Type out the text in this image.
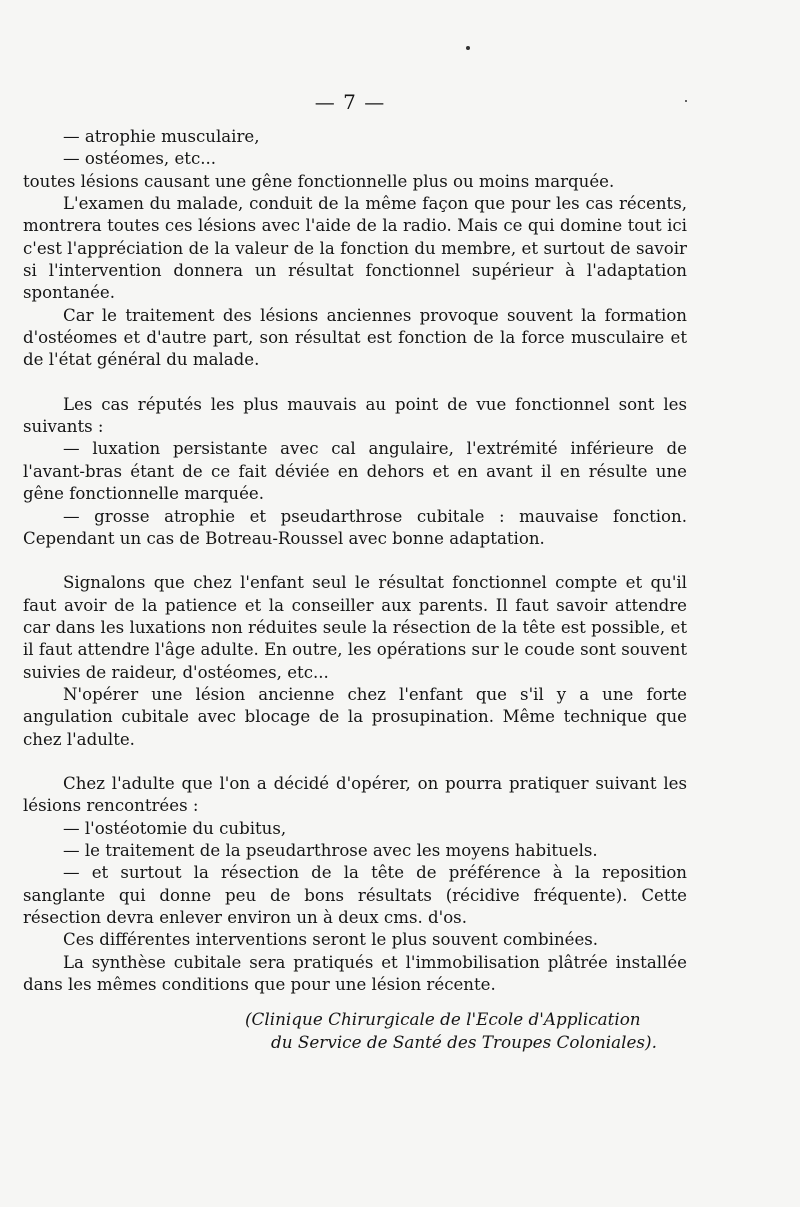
— 7 —

— atrophie musculaire,

— ostéomes, etc...

toutes lésions causant une gêne fonctionnelle plus ou moins marquée.

L'examen du malade, conduit de la même façon que pour les cas récents, montrera toutes ces lésions avec l'aide de la radio. Mais ce qui domine tout ici c'est l'appréciation de la valeur de la fonction du membre, et surtout de savoir si l'intervention donnera un résultat fonctionnel supérieur à l'adaptation spontanée.

Car le traitement des lésions anciennes provoque souvent la formation d'ostéomes et d'autre part, son résultat est fonction de la force musculaire et de l'état général du malade.

Les cas réputés les plus mauvais au point de vue fonctionnel sont les suivants :

— luxation persistante avec cal angulaire, l'extrémité inférieure de l'avant-bras étant de ce fait déviée en dehors et en avant il en résulte une gêne fonctionnelle marquée.

— grosse atrophie et pseudarthrose cubitale : mauvaise fonction. Cependant un cas de Botreau-Roussel avec bonne adaptation.

Signalons que chez l'enfant seul le résultat fonctionnel compte et qu'il faut avoir de la patience et la conseiller aux parents. Il faut savoir attendre car dans les luxations non réduites seule la résection de la tête est possible, et il faut attendre l'âge adulte. En outre, les opérations sur le coude sont souvent suivies de raideur, d'ostéomes, etc...

N'opérer une lésion ancienne chez l'enfant que s'il y a une forte angulation cubitale avec blocage de la prosupination. Même technique que chez l'adulte.

Chez l'adulte que l'on a décidé d'opérer, on pourra pratiquer suivant les lésions rencontrées :

— l'ostéotomie du cubitus,

— le traitement de la pseudarthrose avec les moyens habituels.

— et surtout la résection de la tête de préférence à la reposition sanglante qui donne peu de bons résultats (récidive fréquente). Cette résection devra enlever environ un à deux cms. d'os.

Ces différentes interventions seront le plus souvent combinées.

La synthèse cubitale sera pratiqués et l'immobilisation plâtrée installée dans les mêmes conditions que pour une lésion récente.

(Clinique Chirurgicale de l'Ecole d'Application
du Service de Santé des Troupes Coloniales).
